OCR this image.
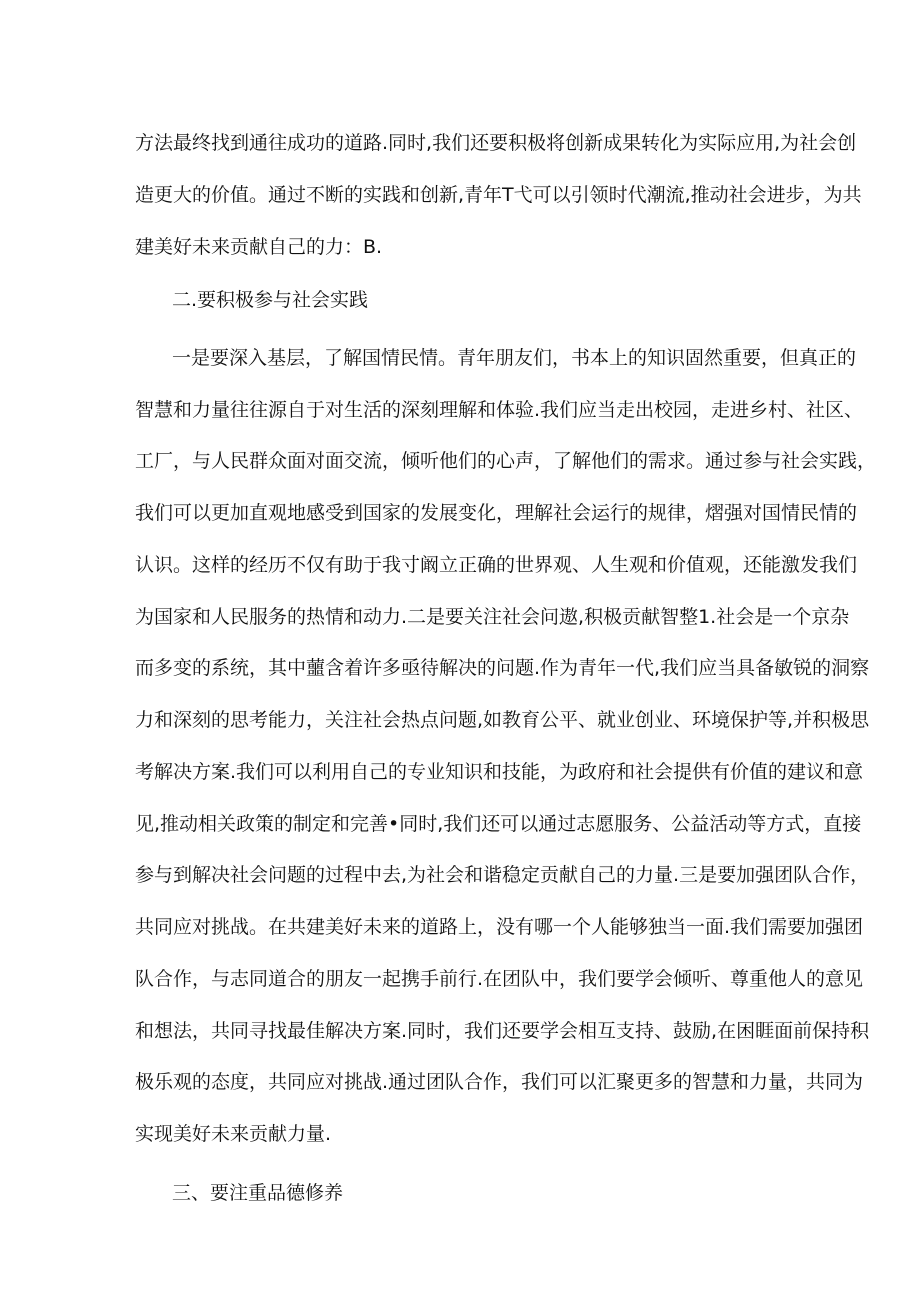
方法最终找到通往成功的道路.同时,我们还要积极将创新成果转化为实际应用,为社会创
造更大的价值。通过不断的实践和创新,青年T弋可以引领时代潮流,推动社会进步，为共
建美好未来贡献自己的力：B.
二.要积极参与社会实践
一是要深入基层，了解国情民情。青年朋友们，书本上的知识固然重要，但真正的
智慧和力量往往源自于对生活的深刻理解和体验.我们应当走出校园，走进乡村、社区、
工厂，与人民群众面对面交流，倾听他们的心声，了解他们的需求。通过参与社会实践，
我们可以更加直观地感受到国家的发展变化，理解社会运行的规律，熠强对国情民情的
认识。这样的经历不仅有助于我寸阚立正确的世界观、人生观和价值观，还能激发我们
为国家和人民服务的热情和动力.二是要关注社会问遨,积极贡献智整1.社会是一个京杂
而多变的系统，其中蘁含着许多亟待解决的问题.作为青年一代,我们应当具备敏锐的洞察
力和深刻的思考能力，关注社会热点问题,如教育公平、就业创业、环境保护等,并积极思
考解决方案.我们可以利用自己的专业知识和技能，为政府和社会提供有价值的建议和意
见,推动相关政策的制定和完善•同时,我们还可以通过志愿服务、公益活动等方式，直接
参与到解决社会问题的过程中去,为社会和谐稳定贡献自己的力量.三是要加强团队合作，
共同应对挑战。在共建美好未来的道路上，没有哪一个人能够独当一面.我们需要加强团
队合作，与志同道合的朋友一起携手前行.在团队中，我们要学会倾听、尊重他人的意见
和想法，共同寻找最佳解决方案.同时，我们还要学会相互支持、鼓励,在困睚面前保持积
极乐观的态度，共同应对挑战.通过团队合作，我们可以汇聚更多的智慧和力量，共同为
实现美好未来贡献力量.
三、要注重品德修养
